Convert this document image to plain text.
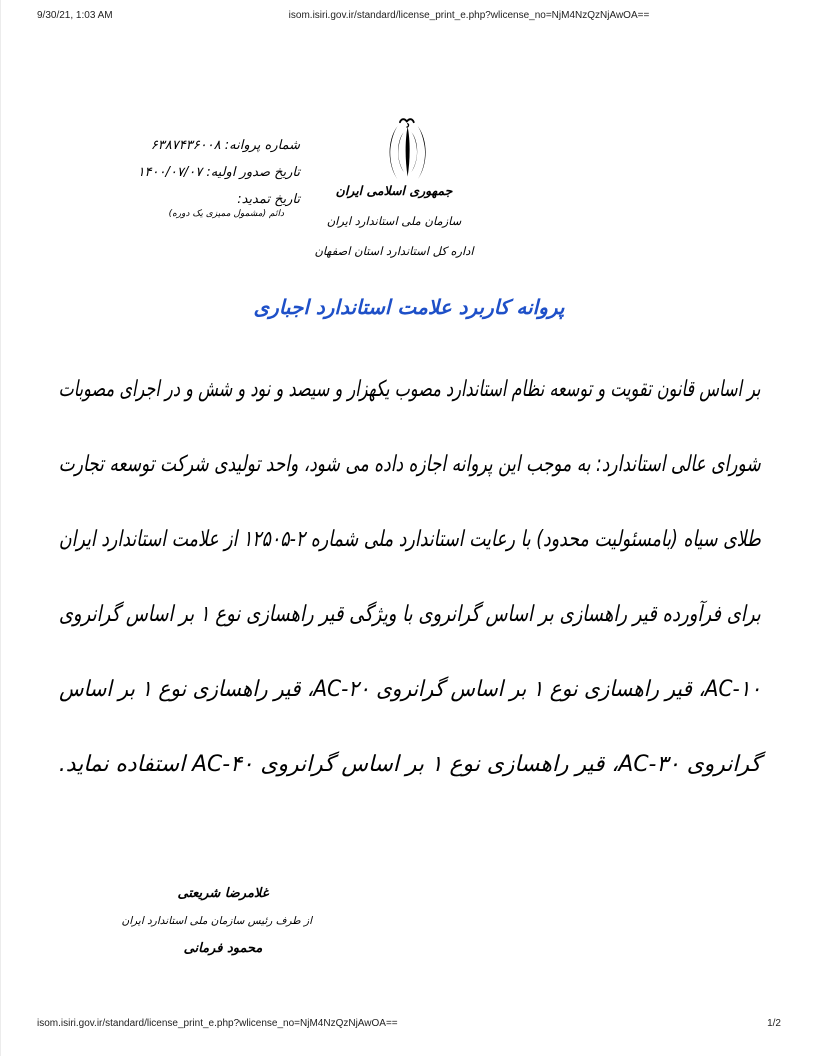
9/30/21, 1:03 AM	isom.isiri.gov.ir/standard/license_print_e.php?wlicense_no=NjM4NzQzNjAwOA==
جمهوری اسلامی ایران
سازمان ملی استاندارد ایران
اداره کل استاندارد استان اصفهان
شماره پروانه: ۶۳۸۷۴۳۶۰۰۸
تاریخ صدور اولیه: ۱۴۰۰/۰۷/۰۷
تاریخ تمدید:
دائم (مشمول ممیزی یک دوره)
پروانه کاربرد علامت استاندارد اجباری
بر اساس قانون تقویت و توسعه نظام استاندارد مصوب یکهزار و سیصد و نود و شش و در اجرای مصوبات
شورای عالی استاندارد: به موجب این پروانه اجازه داده می شود، واحد تولیدی شرکت توسعه تجارت
طلای سیاه (بامسئولیت محدود) با رعایت استاندارد ملی شماره ۲-۱۲۵۰۵ از علامت استاندارد ایران
برای فرآورده قیر راهسازی بر اساس گرانروی با ویژگی قیر راهسازی نوع ۱ بر اساس گرانروی
AC-۱۰، قیر راهسازی نوع ۱ بر اساس گرانروی AC-۲۰، قیر راهسازی نوع ۱ بر اساس
گرانروی AC-۳۰، قیر راهسازی نوع ۱ بر اساس گرانروی AC-۴۰ استفاده نماید.
غلامرضا شریعتی
از طرف رئیس سازمان ملی استاندارد ایران
محمود فرمانی
isom.isiri.gov.ir/standard/license_print_e.php?wlicense_no=NjM4NzQzNjAwOA==	1/2
